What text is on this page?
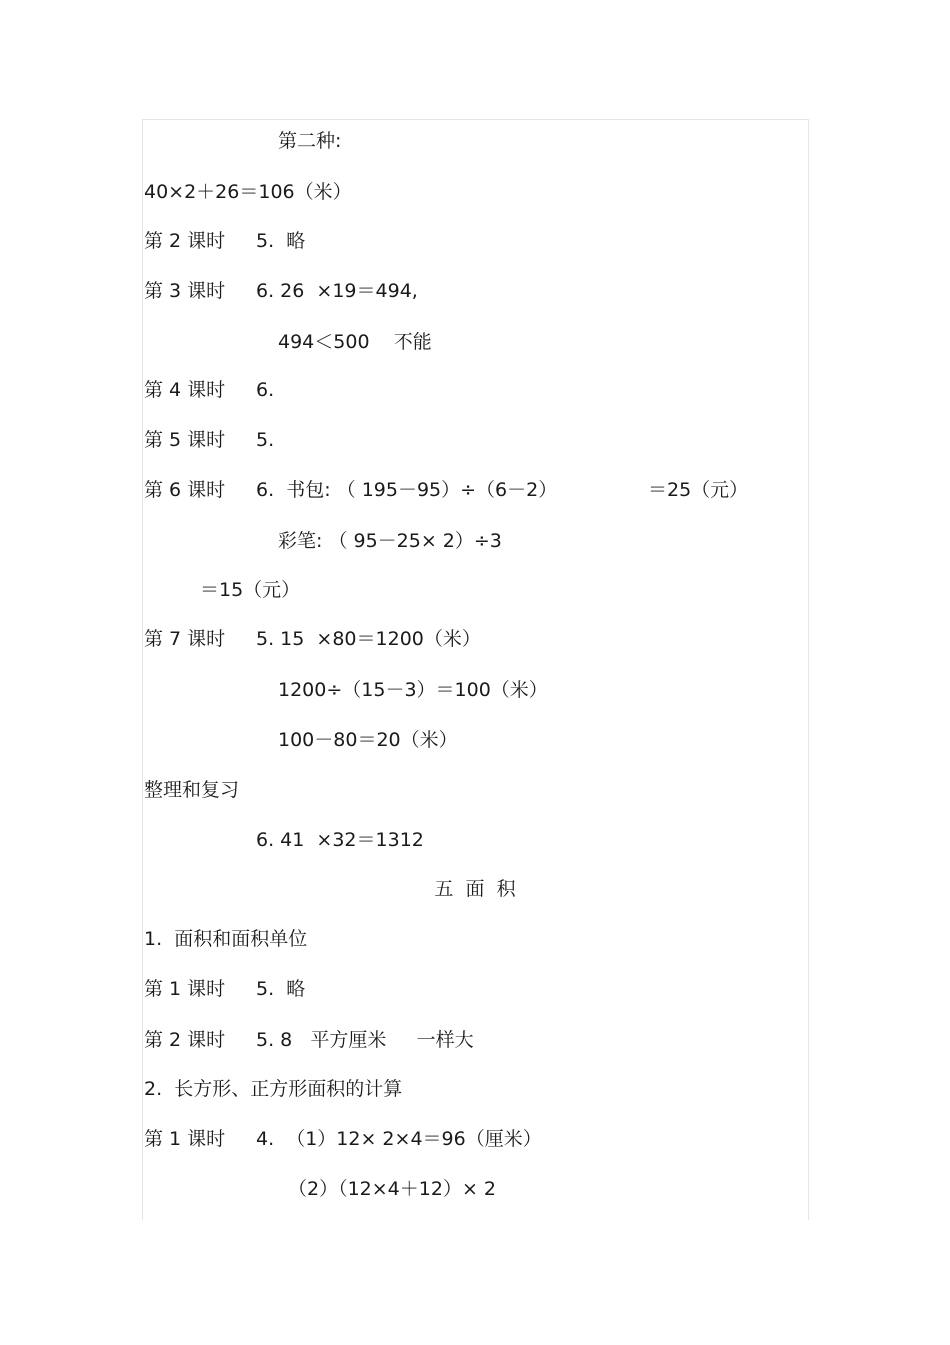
第二种:
40×2＋26＝106（米）
第 2 课时 5.  略
第 3 课时 6. 26  ×19＝494,
494＜500    不能
第 4 课时 6.
第 5 课时 5.
第 6 课时 6.  书包: （ 195－95）÷（6－2）	＝25（元）
彩笔: （ 95－25× 2）÷3
＝15（元）
第 7 课时 5. 15  ×80＝1200（米）
1200÷（15－3）＝100（米）
100－80＝20（米）
整理和复习
6. 41  ×32＝1312
五  面  积
1.  面积和面积单位
第 1 课时 5.  略
第 2 课时 5. 8   平方厘米     一样大
2.  长方形、正方形面积的计算
第 1 课时 4.  （1）12× 2×4＝96（厘米）
（2）（12×4＋12）× 2
